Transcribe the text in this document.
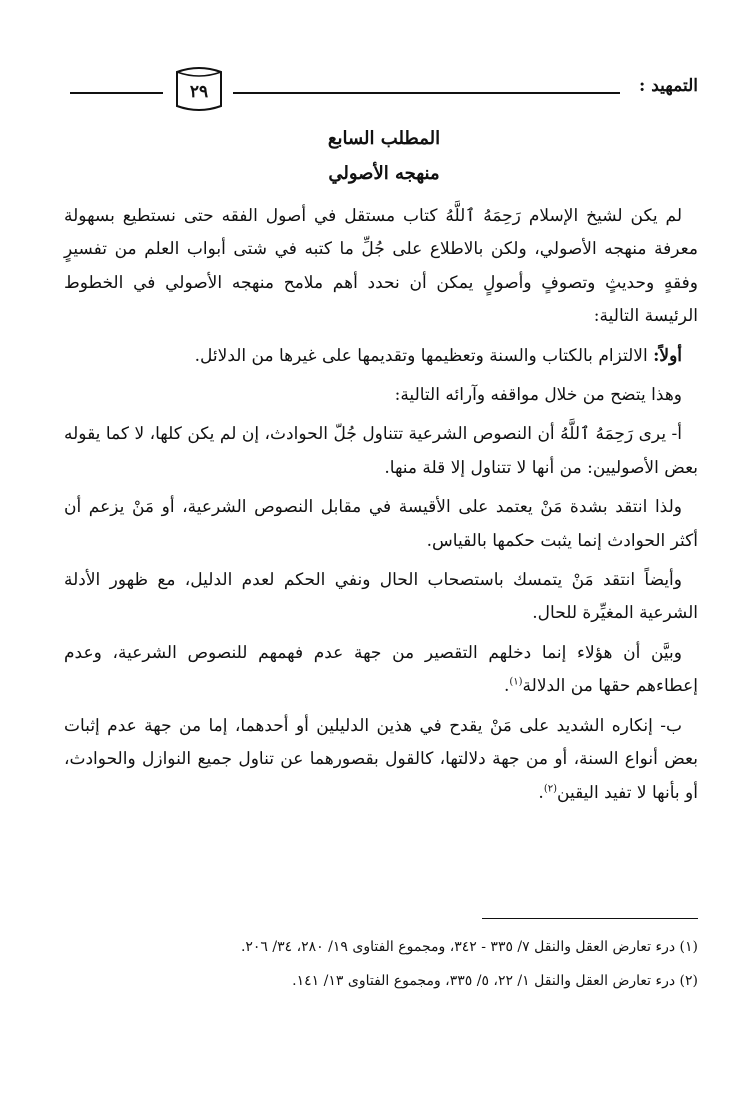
التمهيد :
٢٩
المطلب السابع
منهجه الأصولي

لم يكن لشيخ الإسلام رَحِمَهُ ٱللَّهُ كتاب مستقل في أصول الفقه حتى نستطيع بسهولة معرفة منهجه الأصولي، ولكن بالاطلاع على جُلِّ ما كتبه في شتى أبواب العلم من تفسيرٍ وفقهٍ وحديثٍ وتصوفٍ وأصولٍ يمكن أن نحدد أهم ملامح منهجه الأصولي في الخطوط الرئيسة التالية:

أولاً: الالتزام بالكتاب والسنة وتعظيمها وتقديمها على غيرها من الدلائل.

وهذا يتضح من خلال مواقفه وآرائه التالية:

أ- يرى رَحِمَهُ ٱللَّهُ أن النصوص الشرعية تتناول جُلّ الحوادث، إن لم يكن كلها، لا كما يقوله بعض الأصوليين: من أنها لا تتناول إلا قلة منها.

ولذا انتقد بشدة مَنْ يعتمد على الأقيسة في مقابل النصوص الشرعية، أو مَنْ يزعم أن أكثر الحوادث إنما يثبت حكمها بالقياس.

وأيضاً انتقد مَنْ يتمسك باستصحاب الحال ونفي الحكم لعدم الدليل، مع ظهور الأدلة الشرعية المغيِّرة للحال.

وبيَّن أن هؤلاء إنما دخلهم التقصير من جهة عدم فهمهم للنصوص الشرعية، وعدم إعطاءهم حقها من الدلالة$^{(١)}$.

ب- إنكاره الشديد على مَنْ يقدح في هذين الدليلين أو أحدهما، إما من جهة عدم إثبات بعض أنواع السنة، أو من جهة دلالتها، كالقول بقصورهما عن تناول جميع النوازل والحوادث، أو بأنها لا تفيد اليقين$^{(٢)}$.

(١) درء تعارض العقل والنقل ٧/ ٣٣٥ - ٣٤٢، ومجموع الفتاوى ١٩/ ٢٨٠، ٣٤/ ٢٠٦.

(٢) درء تعارض العقل والنقل ١/ ٢٢، ٥/ ٣٣٥، ومجموع الفتاوى ١٣/ ١٤١.
